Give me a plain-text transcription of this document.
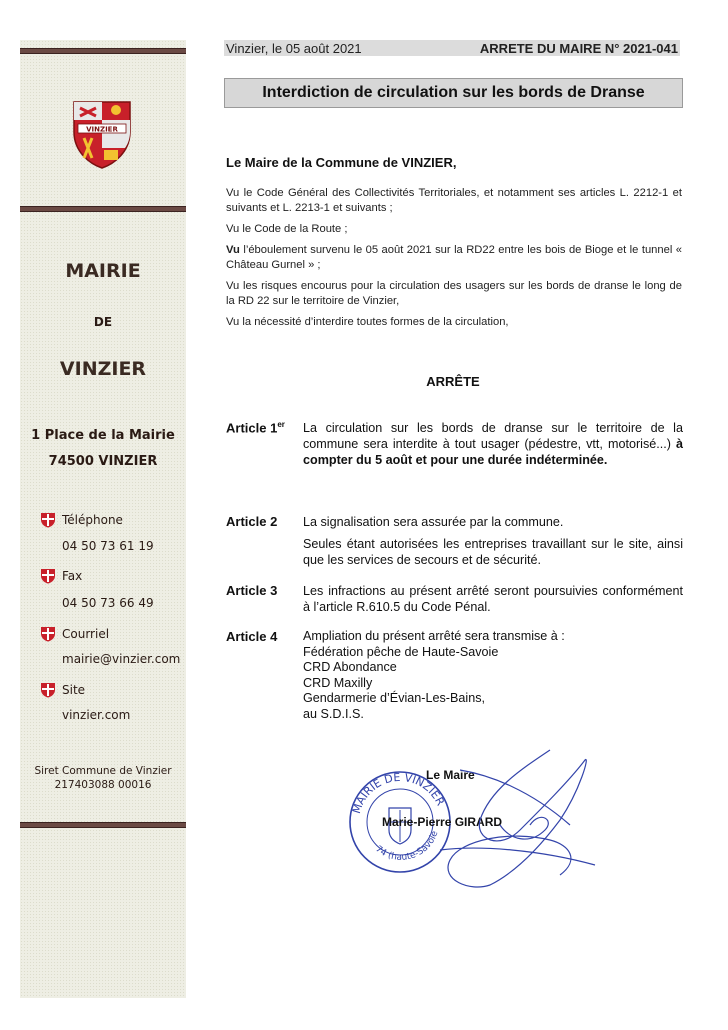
VINZIER
MAIRIE
DE
VINZIER
1 Place de la Mairie
74500 VINZIER
Téléphone
04 50 73 61 19
Fax
04 50 73 66 49
Courriel
mairie@vinzier.com
Site
vinzier.com
Siret Commune de Vinzier
217403088 00016
Vinzier, le 05 août 2021	ARRETE DU MAIRE N° 2021-041
Interdiction de circulation sur les bords de Dranse
Le Maire de la Commune de VINZIER,
Vu le Code Général des Collectivités Territoriales, et notamment ses articles L. 2212-1 et suivants et L. 2213-1 et suivants ;
Vu le Code de la Route ;
Vu l’éboulement survenu le 05 août 2021 sur la RD22 entre les bois de Bioge et le tunnel « Château Gurnel » ;
Vu les risques encourus pour la circulation des usagers sur les bords de dranse le long de la RD 22 sur le territoire de Vinzier,
Vu la nécessité d’interdire toutes formes de la circulation,
ARRÊTE
Article 1er La circulation sur les bords de dranse sur le territoire de la commune sera interdite à tout usager (pédestre, vtt, motorisé...) à compter du 5 août et pour une durée indéterminée.
Article 2 La signalisation sera assurée par la commune.
Seules étant autorisées les entreprises travaillant sur le site, ainsi que les services de secours et de sécurité.
Article 3 Les infractions au présent arrêté seront poursuivies conformément à l’article R.610.5 du Code Pénal.
Article 4 Ampliation du présent arrêté sera transmise à :
Fédération pêche de Haute-Savoie
CRD Abondance
CRD Maxilly
Gendarmerie d’Évian-Les-Bains,
au S.D.I.S.
MAIRIE DE VINZIER
74 (haute-Savoie
Le Maire
Marie-Pierre GIRARD
